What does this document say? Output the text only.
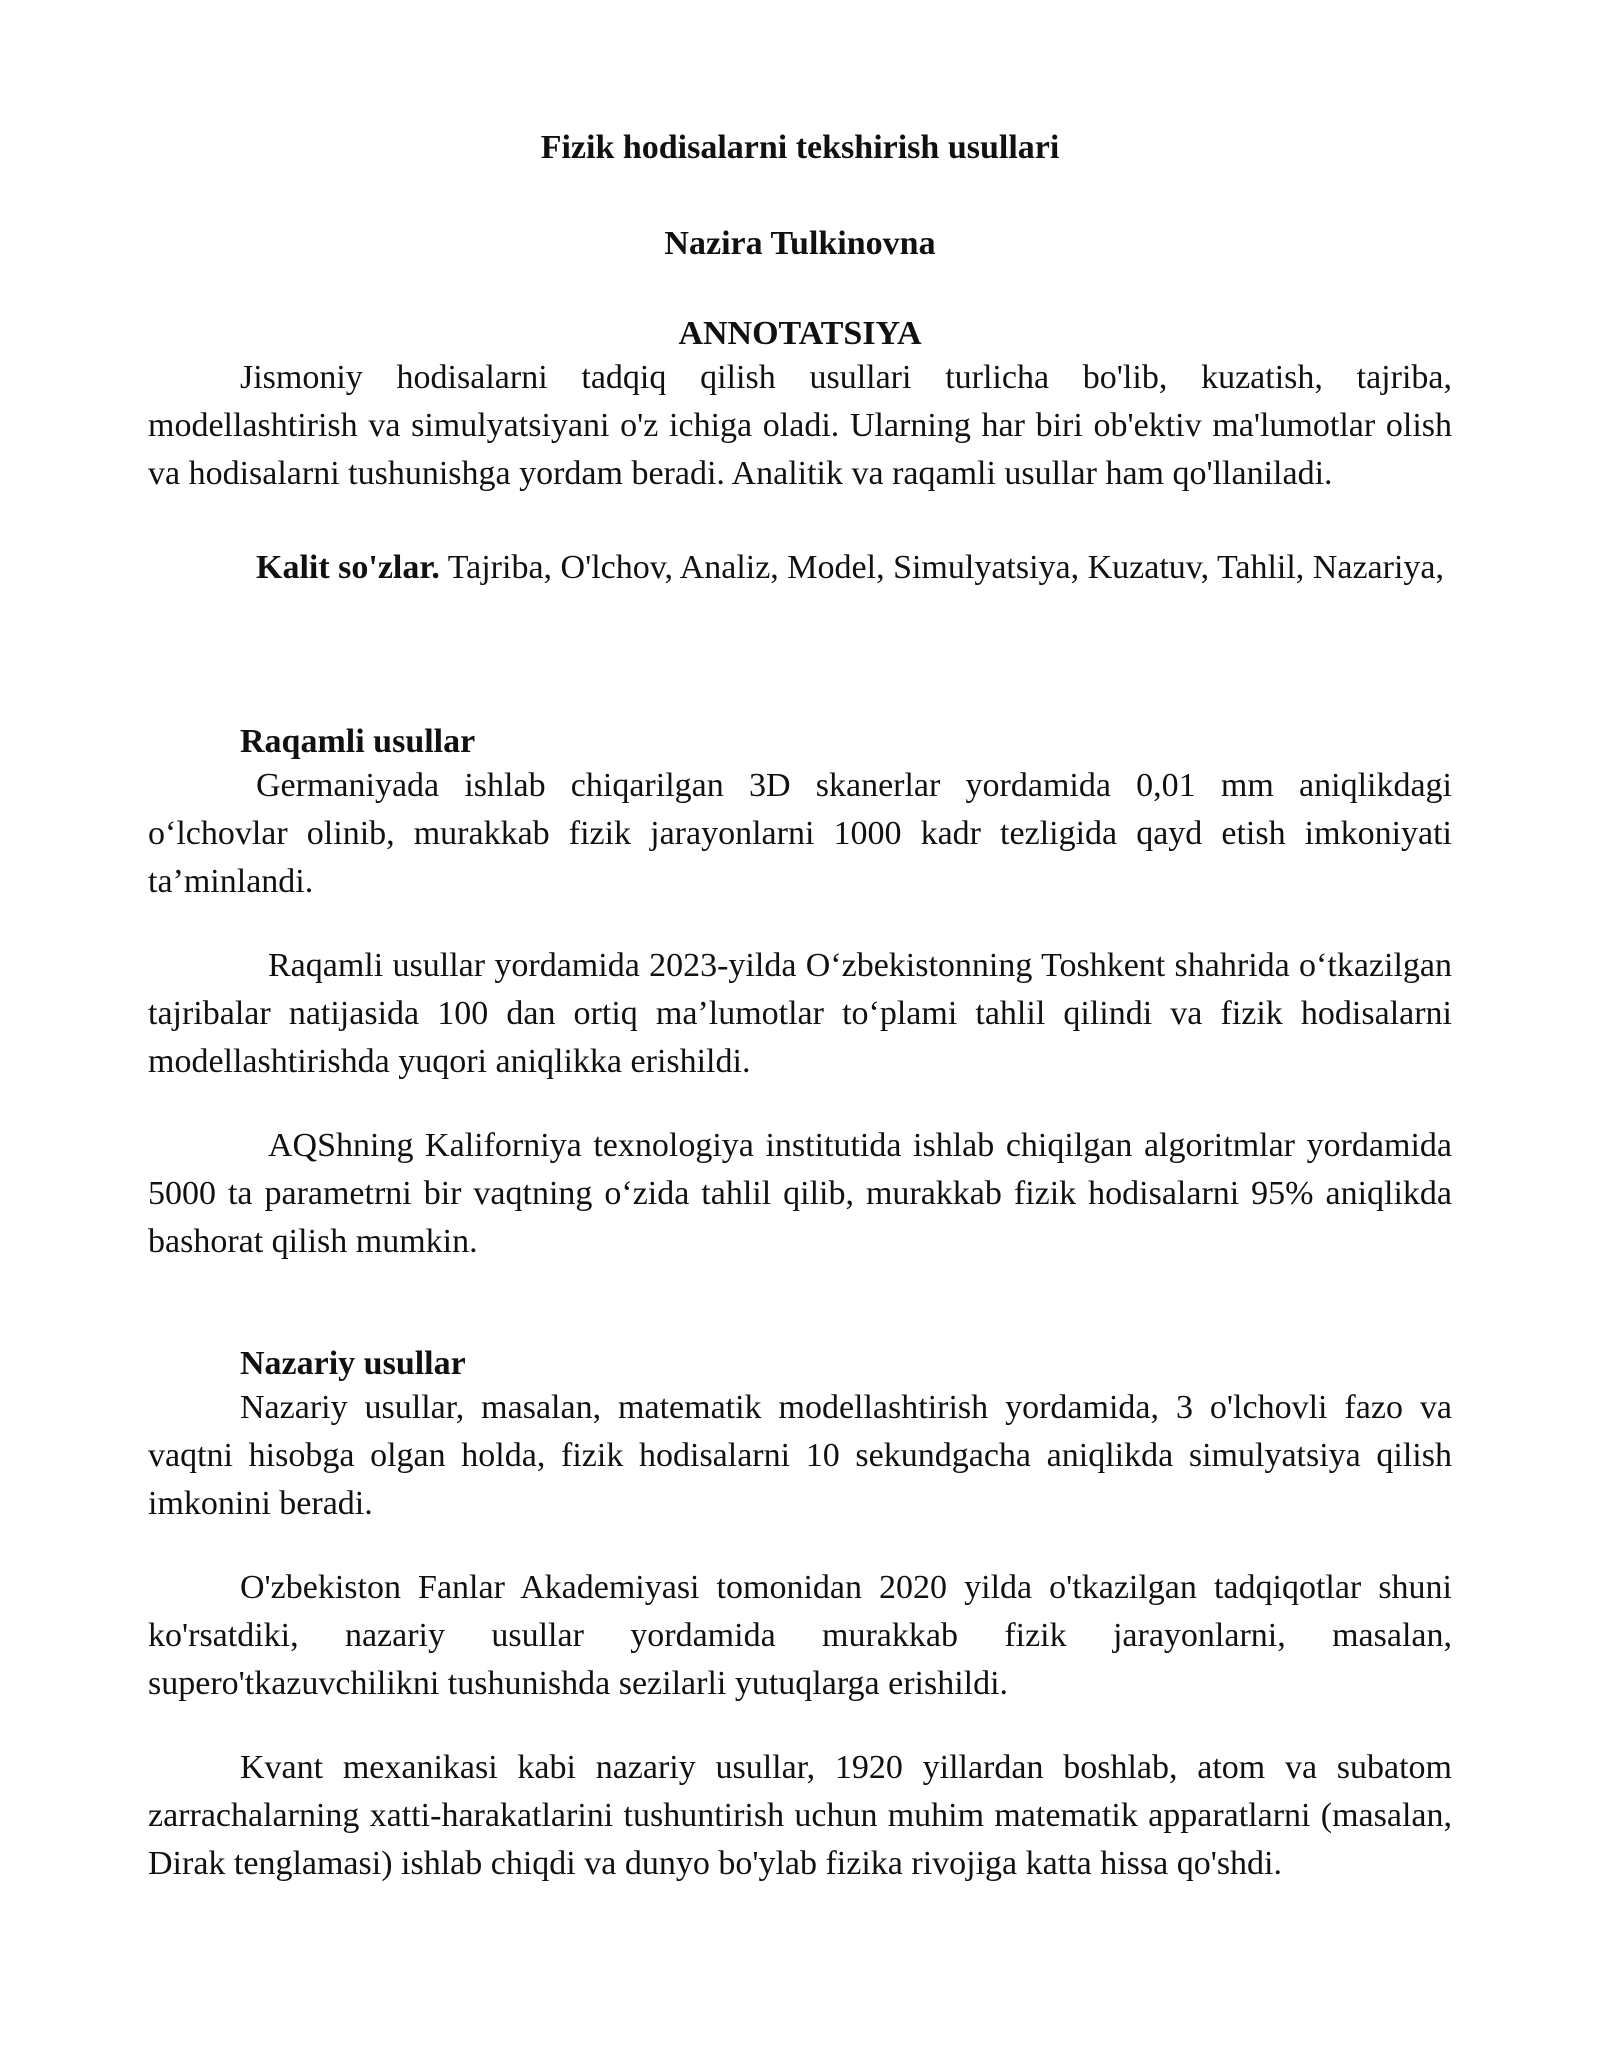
Fizik hodisalarni tekshirish usullari
Nazira Tulkinovna
ANNOTATSIYA

Jismoniy hodisalarni tadqiq qilish usullari turlicha bo'lib, kuzatish, tajriba, modellashtirish va simulyatsiyani o'z ichiga oladi. Ularning har biri ob'ektiv ma'lumotlar olish va hodisalarni tushunishga yordam beradi. Analitik va raqamli usullar ham qo'llaniladi.

Kalit so'zlar. Tajriba, O'lchov, Analiz, Model, Simulyatsiya, Kuzatuv, Tahlil, Nazariya,

Raqamli usullar

Germaniyada ishlab chiqarilgan 3D skanerlar yordamida 0,01 mm aniqlikdagi o‘lchovlar olinib, murakkab fizik jarayonlarni 1000 kadr tezligida qayd etish imkoniyati ta’minlandi.

Raqamli usullar yordamida 2023-yilda O‘zbekistonning Toshkent shahrida o‘tkazilgan tajribalar natijasida 100 dan ortiq ma’lumotlar to‘plami tahlil qilindi va fizik hodisalarni modellashtirishda yuqori aniqlikka erishildi.

AQShning Kaliforniya texnologiya institutida ishlab chiqilgan algoritmlar yordamida 5000 ta parametrni bir vaqtning o‘zida tahlil qilib, murakkab fizik hodisalarni 95% aniqlikda bashorat qilish mumkin.

Nazariy usullar

Nazariy usullar, masalan, matematik modellashtirish yordamida, 3 o'lchovli fazo va vaqtni hisobga olgan holda, fizik hodisalarni 10 sekundgacha aniqlikda simulyatsiya qilish imkonini beradi.

O'zbekiston Fanlar Akademiyasi tomonidan 2020 yilda o'tkazilgan tadqiqotlar shuni ko'rsatdiki, nazariy usullar yordamida murakkab fizik jarayonlarni, masalan, supero'tkazuvchilikni tushunishda sezilarli yutuqlarga erishildi.

Kvant mexanikasi kabi nazariy usullar, 1920 yillardan boshlab, atom va subatom zarrachalarning xatti-harakatlarini tushuntirish uchun muhim matematik apparatlarni (masalan, Dirak tenglamasi) ishlab chiqdi va dunyo bo'ylab fizika rivojiga katta hissa qo'shdi.
